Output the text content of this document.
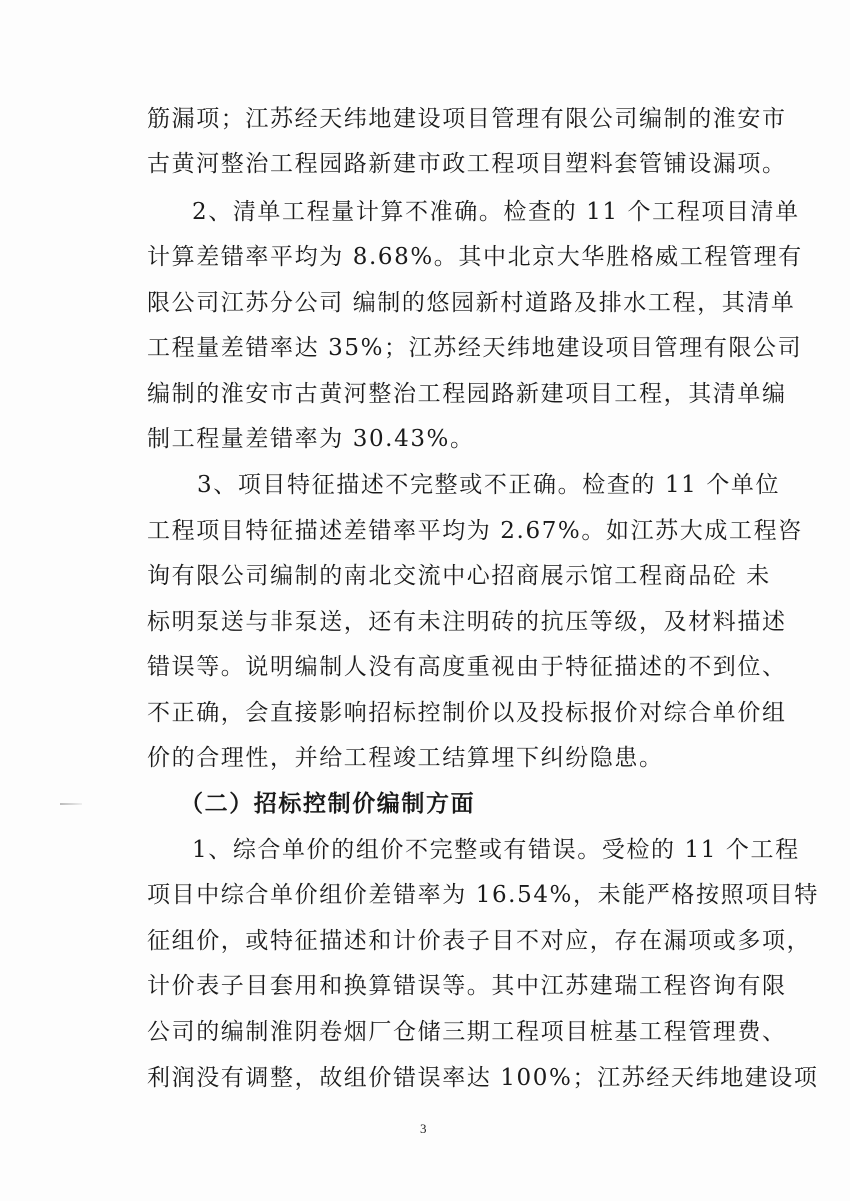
筋漏项；江苏经天纬地建设项目管理有限公司编制的淮安市
古黄河整治工程园路新建市政工程项目塑料套管铺设漏项。
2、清单工程量计算不准确。检查的 11 个工程项目清单
计算差错率平均为 8.68%。其中北京大华胜格威工程管理有
限公司江苏分公司 编制的悠园新村道路及排水工程，其清单
工程量差错率达 35%；江苏经天纬地建设项目管理有限公司
编制的淮安市古黄河整治工程园路新建项目工程，其清单编
制工程量差错率为 30.43%。
3、项目特征描述不完整或不正确。检查的 11 个单位
工程项目特征描述差错率平均为 2.67%。如江苏大成工程咨
询有限公司编制的南北交流中心招商展示馆工程商品砼 未
标明泵送与非泵送，还有未注明砖的抗压等级，及材料描述
错误等。说明编制人没有高度重视由于特征描述的不到位、
不正确，会直接影响招标控制价以及投标报价对综合单价组
价的合理性，并给工程竣工结算埋下纠纷隐患。
（二）招标控制价编制方面
1、综合单价的组价不完整或有错误。受检的 11 个工程
项目中综合单价组价差错率为 16.54%，未能严格按照项目特
征组价，或特征描述和计价表子目不对应，存在漏项或多项，
计价表子目套用和换算错误等。其中江苏建瑞工程咨询有限
公司的编制淮阴卷烟厂仓储三期工程项目桩基工程管理费、
利润没有调整，故组价错误率达 100%；江苏经天纬地建设项
3
